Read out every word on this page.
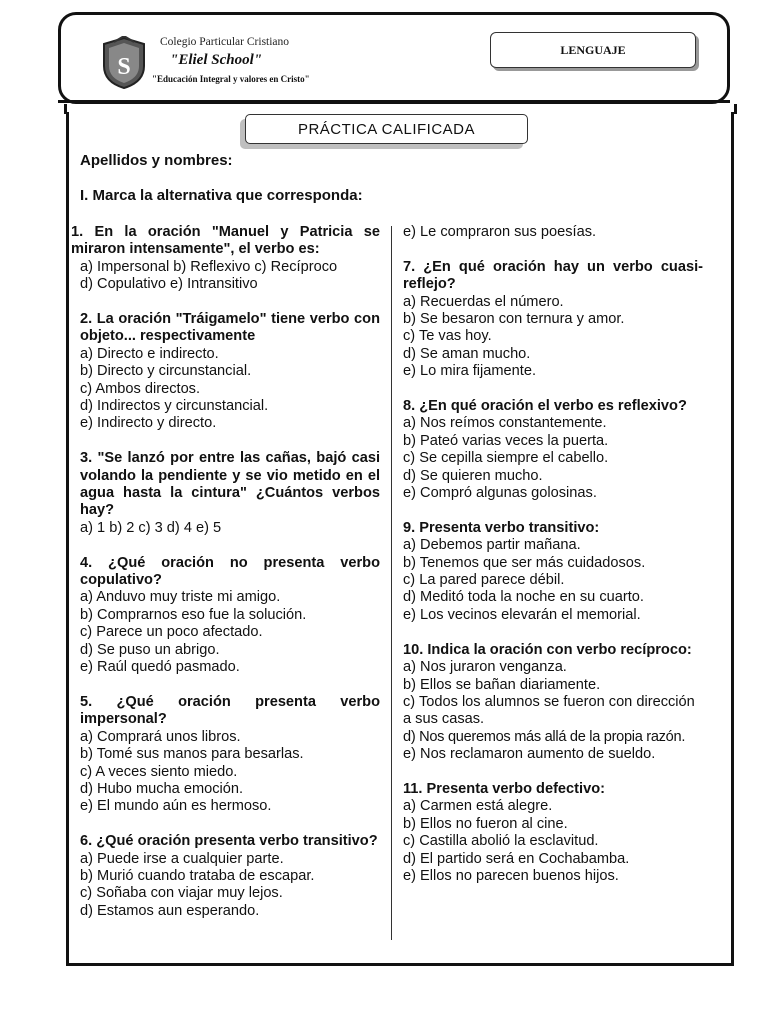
S
Colegio Particular Cristiano
"Eliel School"
"Educación Integral y valores en Cristo"
LENGUAJE
PRÁCTICA CALIFICADA
Apellidos y nombres:
I. Marca la alternativa que corresponda:
1. En la oración "Manuel y Patricia se miraron intensamente", el verbo es:
a) Impersonal b) Reflexivo c) Recíproco
d) Copulativo e) Intransitivo
2. La oración "Tráigamelo" tiene verbo con objeto... respectivamente
a) Directo e indirecto.
b) Directo y circunstancial.
c) Ambos directos.
d) Indirectos y circunstancial.
e) Indirecto y directo.
3. "Se lanzó por entre las cañas, bajó casi volando la pendiente y se vio metido en el agua hasta la cintura" ¿Cuántos verbos hay?
a) 1 b) 2 c) 3 d) 4 e) 5
4. ¿Qué oración no presenta verbo copulativo?
a) Anduvo muy triste mi amigo.
b) Comprarnos eso fue la solución.
c) Parece un poco afectado.
d) Se puso un abrigo.
e) Raúl quedó pasmado.
5. ¿Qué oración presenta verbo impersonal?
a) Comprará unos libros.
b) Tomé sus manos para besarlas.
c) A veces siento miedo.
d) Hubo mucha emoción.
e) El mundo aún es hermoso.
6. ¿Qué oración presenta verbo transitivo?
a) Puede irse a cualquier parte.
b) Murió cuando trataba de escapar.
c) Soñaba con viajar muy lejos.
d) Estamos aun esperando.
e) Le compraron sus poesías.
7. ¿En qué oración hay un verbo cuasi-reflejo?
a) Recuerdas el número.
b) Se besaron con ternura y amor.
c) Te vas hoy.
d) Se aman mucho.
e) Lo mira fijamente.
8. ¿En qué oración el verbo es reflexivo?
a) Nos reímos constantemente.
b) Pateó varias veces la puerta.
c) Se cepilla siempre el cabello.
d) Se quieren mucho.
e) Compró algunas golosinas.
9. Presenta verbo transitivo:
a) Debemos partir mañana.
b) Tenemos que ser más cuidadosos.
c) La pared parece débil.
d) Meditó toda la noche en su cuarto.
e) Los vecinos elevarán el memorial.
10. Indica la oración con verbo recíproco:
a) Nos juraron venganza.
b) Ellos se bañan diariamente.
c) Todos los alumnos se fueron con dirección a sus casas.
d) Nos queremos más allá de la propia razón.
e) Nos reclamaron aumento de sueldo.
11. Presenta verbo defectivo:
a) Carmen está alegre.
b) Ellos no fueron al cine.
c) Castilla abolió la esclavitud.
d) El partido será en Cochabamba.
e) Ellos no parecen buenos hijos.
